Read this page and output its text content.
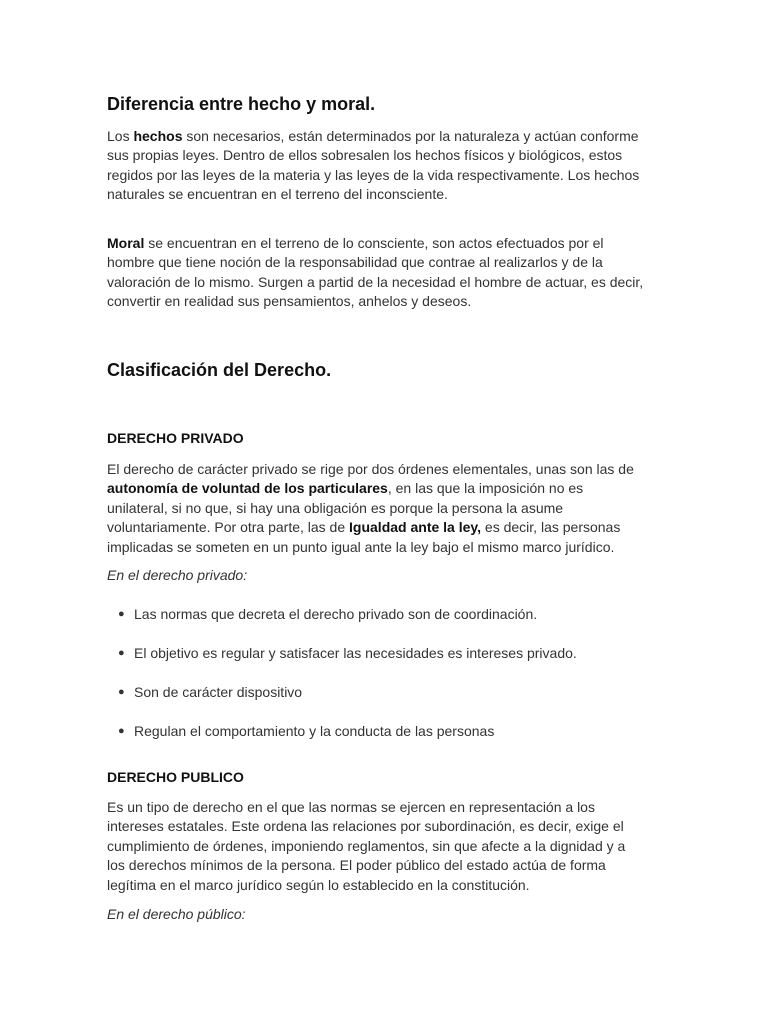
Diferencia entre hecho y moral.

Los hechos son necesarios, están determinados por la naturaleza y actúan conforme sus propias leyes. Dentro de ellos sobresalen los hechos físicos y biológicos, estos regidos por las leyes de la materia y las leyes de la vida respectivamente. Los hechos naturales se encuentran en el terreno del inconsciente.

Moral se encuentran en el terreno de lo consciente, son actos efectuados por el hombre que tiene noción de la responsabilidad que contrae al realizarlos y de la valoración de lo mismo. Surgen a partid de la necesidad el hombre de actuar, es decir, convertir en realidad sus pensamientos, anhelos y deseos.

Clasificación del Derecho.

DERECHO PRIVADO

El derecho de carácter privado se rige por dos órdenes elementales, unas son las de autonomía de voluntad de los particulares, en las que la imposición no es unilateral, si no que, si hay una obligación es porque la persona la asume voluntariamente. Por otra parte, las de Igualdad ante la ley, es decir, las personas implicadas se someten en un punto igual ante la ley bajo el mismo marco jurídico.

En el derecho privado:

● Las normas que decreta el derecho privado son de coordinación.

● El objetivo es regular y satisfacer las necesidades es intereses privado.

● Son de carácter dispositivo

● Regulan el comportamiento y la conducta de las personas

DERECHO PUBLICO

Es un tipo de derecho en el que las normas se ejercen en representación a los intereses estatales. Este ordena las relaciones por subordinación, es decir, exige el cumplimiento de órdenes, imponiendo reglamentos, sin que afecte a la dignidad y a los derechos mínimos de la persona. El poder público del estado actúa de forma legítima en el marco jurídico según lo establecido en la constitución.

En el derecho público:
